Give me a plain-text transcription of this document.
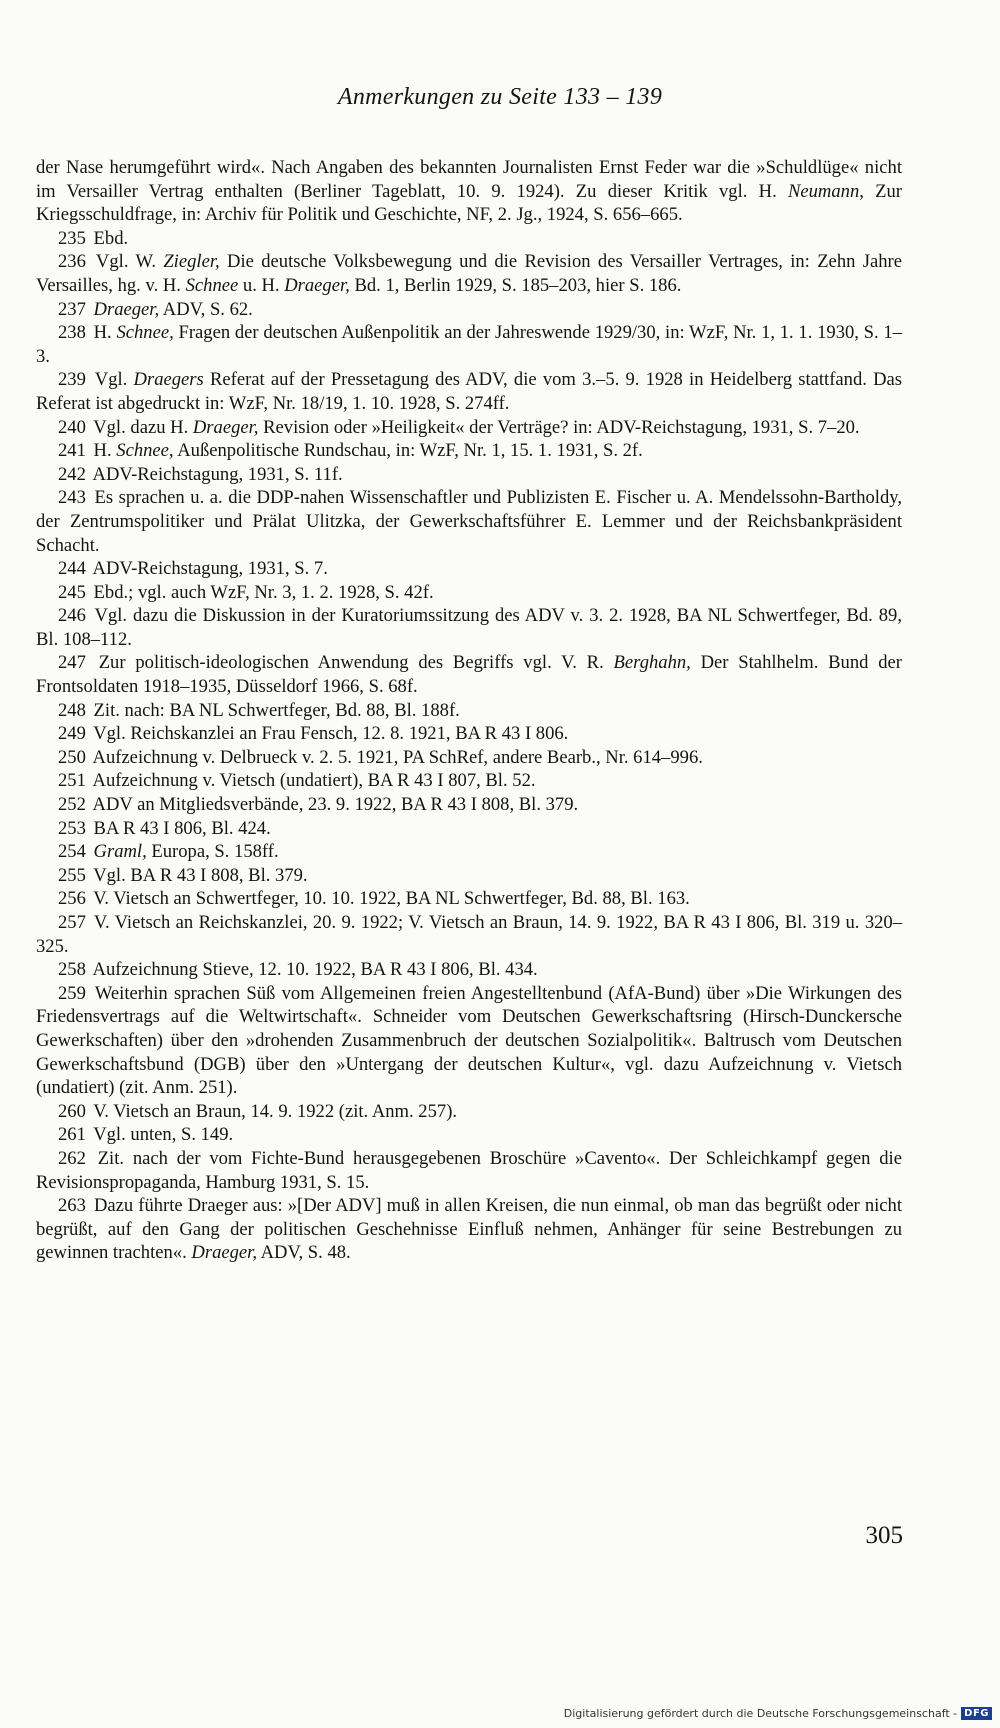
Anmerkungen zu Seite 133 – 139

der Nase herumgeführt wird«. Nach Angaben des bekannten Journalisten Ernst Feder war die »Schuldlüge« nicht im Versailler Vertrag enthalten (Berliner Tageblatt, 10. 9. 1924). Zu dieser Kritik vgl. H. Neumann, Zur Kriegsschuldfrage, in: Archiv für Politik und Geschichte, NF, 2. Jg., 1924, S. 656–665.

235 Ebd.

236 Vgl. W. Ziegler, Die deutsche Volksbewegung und die Revision des Versailler Vertrages, in: Zehn Jahre Versailles, hg. v. H. Schnee u. H. Draeger, Bd. 1, Berlin 1929, S. 185–203, hier S. 186.

237 Draeger, ADV, S. 62.

238 H. Schnee, Fragen der deutschen Außenpolitik an der Jahreswende 1929/30, in: WzF, Nr. 1, 1. 1. 1930, S. 1–3.

239 Vgl. Draegers Referat auf der Pressetagung des ADV, die vom 3.–5. 9. 1928 in Heidelberg stattfand. Das Referat ist abgedruckt in: WzF, Nr. 18/19, 1. 10. 1928, S. 274ff.

240 Vgl. dazu H. Draeger, Revision oder »Heiligkeit« der Verträge? in: ADV-Reichstagung, 1931, S. 7–20.

241 H. Schnee, Außenpolitische Rundschau, in: WzF, Nr. 1, 15. 1. 1931, S. 2f.

242 ADV-Reichstagung, 1931, S. 11f.

243 Es sprachen u. a. die DDP-nahen Wissenschaftler und Publizisten E. Fischer u. A. Mendelssohn-Bartholdy, der Zentrumspolitiker und Prälat Ulitzka, der Gewerkschaftsführer E. Lemmer und der Reichsbankpräsident Schacht.

244 ADV-Reichstagung, 1931, S. 7.

245 Ebd.; vgl. auch WzF, Nr. 3, 1. 2. 1928, S. 42f.

246 Vgl. dazu die Diskussion in der Kuratoriumssitzung des ADV v. 3. 2. 1928, BA NL Schwertfeger, Bd. 89, Bl. 108–112.

247 Zur politisch-ideologischen Anwendung des Begriffs vgl. V. R. Berghahn, Der Stahlhelm. Bund der Frontsoldaten 1918–1935, Düsseldorf 1966, S. 68f.

248 Zit. nach: BA NL Schwertfeger, Bd. 88, Bl. 188f.

249 Vgl. Reichskanzlei an Frau Fensch, 12. 8. 1921, BA R 43 I 806.

250 Aufzeichnung v. Delbrueck v. 2. 5. 1921, PA SchRef, andere Bearb., Nr. 614–996.

251 Aufzeichnung v. Vietsch (undatiert), BA R 43 I 807, Bl. 52.

252 ADV an Mitgliedsverbände, 23. 9. 1922, BA R 43 I 808, Bl. 379.

253 BA R 43 I 806, Bl. 424.

254 Graml, Europa, S. 158ff.

255 Vgl. BA R 43 I 808, Bl. 379.

256 V. Vietsch an Schwertfeger, 10. 10. 1922, BA NL Schwertfeger, Bd. 88, Bl. 163.

257 V. Vietsch an Reichskanzlei, 20. 9. 1922; V. Vietsch an Braun, 14. 9. 1922, BA R 43 I 806, Bl. 319 u. 320–325.

258 Aufzeichnung Stieve, 12. 10. 1922, BA R 43 I 806, Bl. 434.

259 Weiterhin sprachen Süß vom Allgemeinen freien Angestelltenbund (AfA-Bund) über »Die Wirkungen des Friedensvertrags auf die Weltwirtschaft«. Schneider vom Deutschen Gewerkschaftsring (Hirsch-Dunckersche Gewerkschaften) über den »drohenden Zusammenbruch der deutschen Sozialpolitik«. Baltrusch vom Deutschen Gewerkschaftsbund (DGB) über den »Untergang der deutschen Kultur«, vgl. dazu Aufzeichnung v. Vietsch (undatiert) (zit. Anm. 251).

260 V. Vietsch an Braun, 14. 9. 1922 (zit. Anm. 257).

261 Vgl. unten, S. 149.

262 Zit. nach der vom Fichte-Bund herausgegebenen Broschüre »Cavento«. Der Schleichkampf gegen die Revisionspropaganda, Hamburg 1931, S. 15.

263 Dazu führte Draeger aus: »[Der ADV] muß in allen Kreisen, die nun einmal, ob man das begrüßt oder nicht begrüßt, auf den Gang der politischen Geschehnisse Einfluß nehmen, Anhänger für seine Bestrebungen zu gewinnen trachten«. Draeger, ADV, S. 48.

305
Digitalisierung gefördert durch die Deutsche Forschungsgemeinschaft - DFG
